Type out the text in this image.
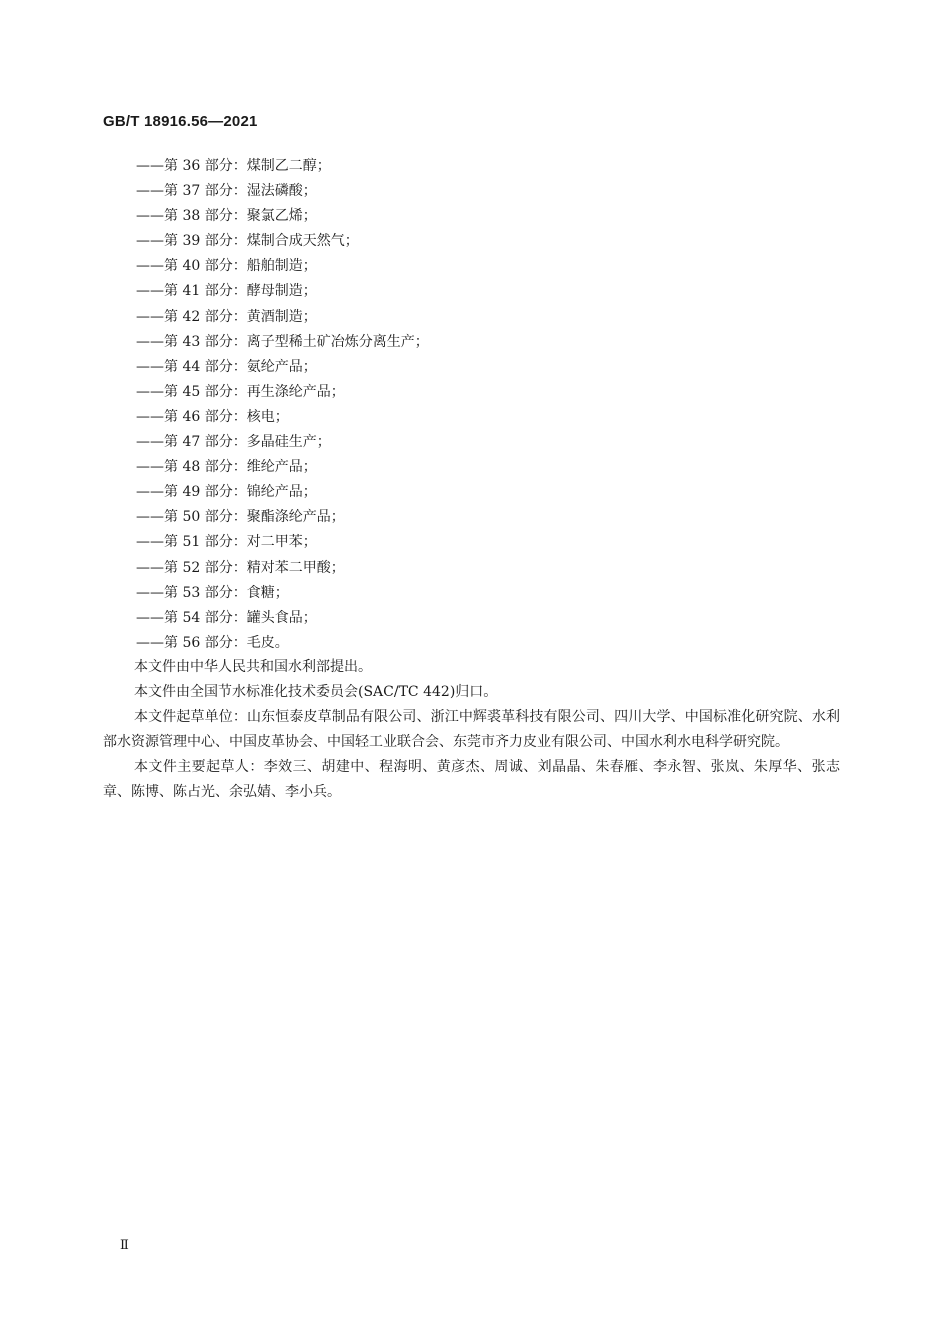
GB/T 18916.56—2021
——第 36 部分：煤制乙二醇；
——第 37 部分：湿法磷酸；
——第 38 部分：聚氯乙烯；
——第 39 部分：煤制合成天然气；
——第 40 部分：船舶制造；
——第 41 部分：酵母制造；
——第 42 部分：黄酒制造；
——第 43 部分：离子型稀土矿冶炼分离生产；
——第 44 部分：氨纶产品；
——第 45 部分：再生涤纶产品；
——第 46 部分：核电；
——第 47 部分：多晶硅生产；
——第 48 部分：维纶产品；
——第 49 部分：锦纶产品；
——第 50 部分：聚酯涤纶产品；
——第 51 部分：对二甲苯；
——第 52 部分：精对苯二甲酸；
——第 53 部分：食糖；
——第 54 部分：罐头食品；
——第 56 部分：毛皮。

本文件由中华人民共和国水利部提出。

本文件由全国节水标准化技术委员会(SAC/TC 442)归口。

本文件起草单位：山东恒泰皮草制品有限公司、浙江中辉裘革科技有限公司、四川大学、中国标准化研究院、水利部水资源管理中心、中国皮革协会、中国轻工业联合会、东莞市齐力皮业有限公司、中国水利水电科学研究院。

本文件主要起草人：李效三、胡建中、程海明、黄彦杰、周诚、刘晶晶、朱春雁、李永智、张岚、朱厚华、张志章、陈博、陈占光、余弘婧、李小兵。

Ⅱ
